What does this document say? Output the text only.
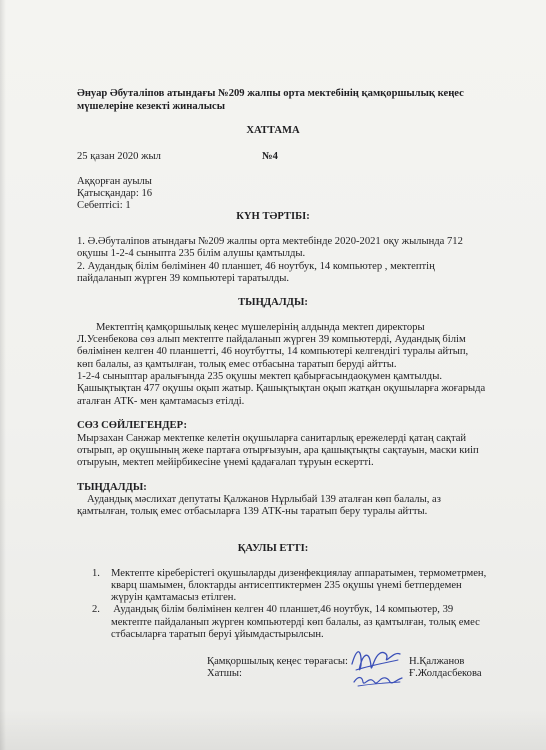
Әнуар Әбуталіпов атындағы №209 жалпы орта мектебінің қамқоршылық кеңес
мүшелеріне кезекті жиналысы
ХАТТАМА
25 қазан 2020 жыл	№4
Аққорған ауылы
Қатысқандар: 16
Себептісі: 1
КҮН ТӘРТІБІ:
1. Ә.Әбуталіпов атындағы №209 жалпы орта мектебінде 2020-2021 оқу жылында 712
оқушы 1-2-4 сыныпта 235 білім алушы қамтылды.
2. Аудандық білім бөлімінен 40 планшет, 46 ноутбук, 14 компьютер , мектептің
пайдаланып жүрген 39 компьютері таратылды.
ТЫҢДАЛДЫ:
Мектептің қамқоршылық кеңес мүшелерінің алдында мектеп директоры
Л.Усенбекова сөз алып мектепте пайдаланып жүрген 39 компьютерді, Аудандық білім
бөлімінен келген 40 планшетті, 46 ноутбутты, 14 компьютері келгендігі туралы айтып,
көп балалы, аз қамтылған, толық емес отбасына таратып беруді айтты.
1-2-4 сыныптар аралығында 235 оқушы мектеп қабырғасындаоқумен қамтылды.
Қашықтықтан 477 оқушы оқып жатыр. Қашықтықтан оқып жатқан оқушыларға жоғарыда
аталған АТК- мен қамтамасыз етілді.
СӨЗ СӨЙЛЕГЕНДЕР:
Мырзахан Санжар мектепке келетін оқушыларға санитарлық ережелерді қатаң сақтай
отырып, әр оқушының жеке партаға отырғызуын, ара қашықтықты сақтауын, маски киіп
отыруын, мектеп мейірбикесіне үнемі қадағалап тұруын ескертті.
ТЫҢДАЛДЫ:
Аудандық мәслихат депутаты Қалжанов Нұрлыбай 139 аталған көп балалы, аз
қамтылған, толық емес отбасыларға 139 АТК-ны таратып беру туралы айтты.
ҚАУЛЫ ЕТТІ:
1. Мектепте кіреберістегі оқушыларды дизенфекциялау аппаратымен, термометрмен,
кварц шамымен, блоктарды антисептиктермен 235 оқушы үнемі бетпердемен
жүруін қамтамасыз етілген.
2. Аудандық білім бөлімінен келген 40 планшет,46 ноутбук, 14 компьютер, 39
мектепте пайдаланып жүрген компьютерді көп балалы, аз қамтылған, толық емес
стбасыларға таратып беруі ұйымдастырылсын.
Қамқоршылық кеңес төрағасы:	Н.Қалжанов
Хатшы:	Ғ.Жолдасбекова
